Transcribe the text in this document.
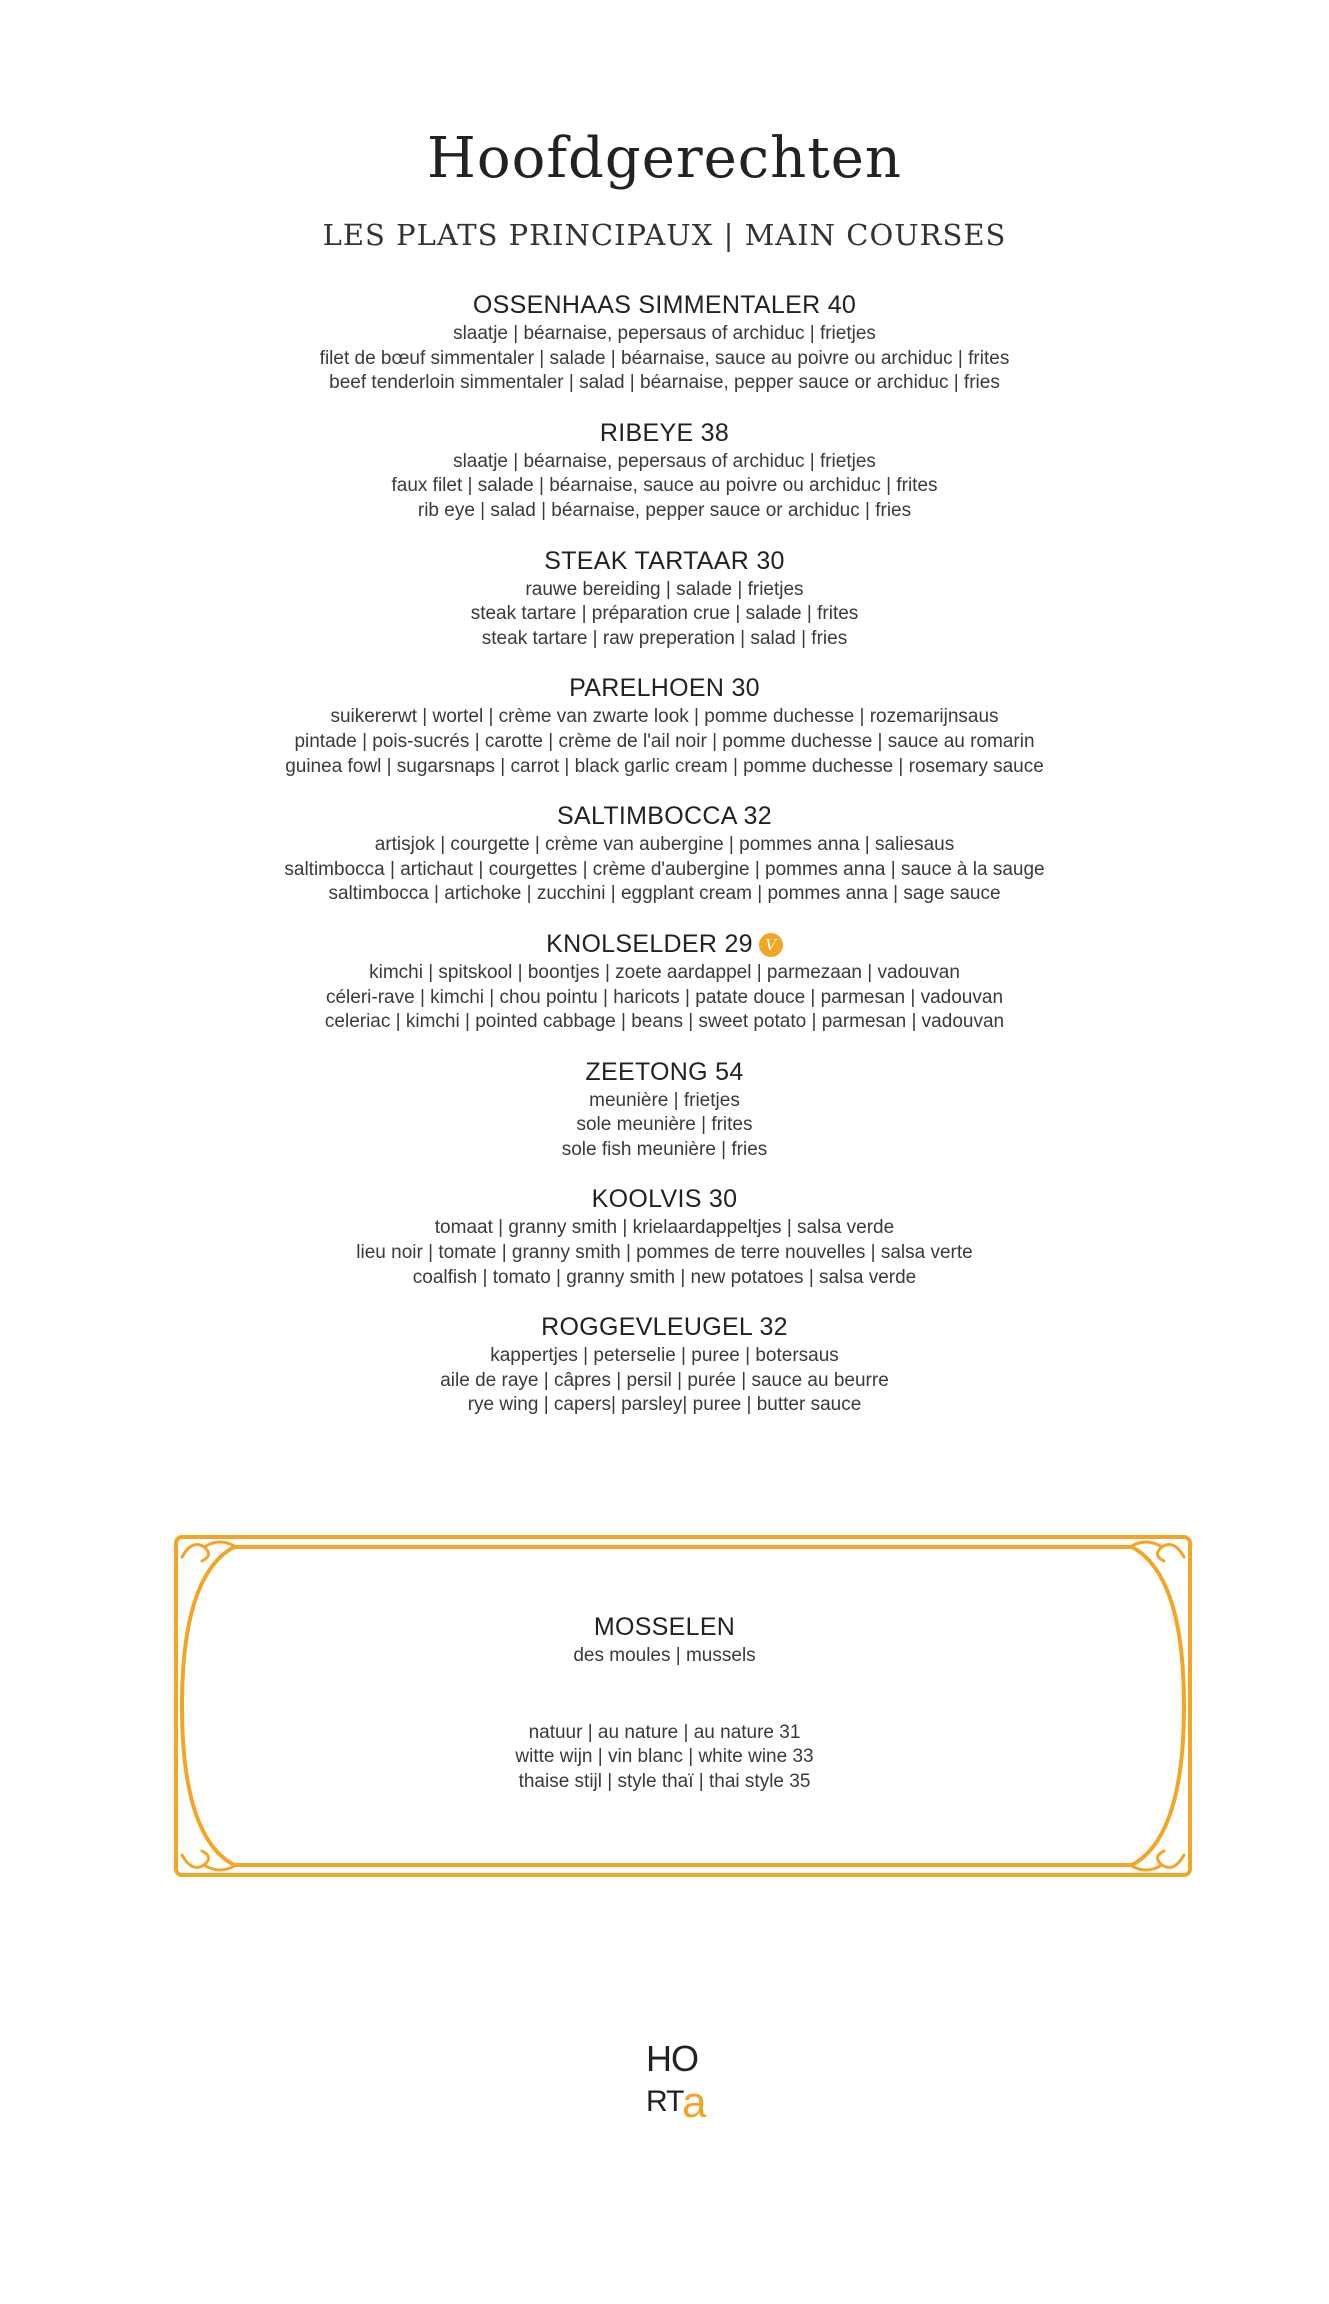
Hoofdgerechten

LES PLATS PRINCIPAUX | MAIN COURSES

OSSENHAAS SIMMENTALER 40

slaatje | béarnaise, pepersaus of archiduc | frietjes

filet de bœuf simmentaler | salade | béarnaise, sauce au poivre ou archiduc | frites

beef tenderloin simmentaler | salad | béarnaise, pepper sauce or archiduc | fries

RIBEYE 38

slaatje | béarnaise, pepersaus of archiduc | frietjes

faux filet | salade | béarnaise, sauce au poivre ou archiduc | frites

rib eye | salad | béarnaise, pepper sauce or archiduc | fries

STEAK TARTAAR 30

rauwe bereiding | salade | frietjes

steak tartare | préparation crue | salade | frites

steak tartare | raw preperation | salad | fries

PARELHOEN 30

suikererwt | wortel | crème van zwarte look | pomme duchesse | rozemarijnsaus

pintade | pois-sucrés | carotte | crème de l'ail noir | pomme duchesse | sauce au romarin

guinea fowl | sugarsnaps | carrot | black garlic cream | pomme duchesse | rosemary sauce

SALTIMBOCCA 32

artisjok | courgette | crème van aubergine | pommes anna | saliesaus

saltimbocca | artichaut | courgettes | crème d'aubergine | pommes anna | sauce à la sauge

saltimbocca | artichoke | zucchini | eggplant cream | pommes anna | sage sauce

KNOLSELDER 29 V

kimchi | spitskool | boontjes | zoete aardappel | parmezaan | vadouvan

céleri-rave | kimchi | chou pointu | haricots | patate douce | parmesan | vadouvan

celeriac | kimchi | pointed cabbage | beans | sweet potato | parmesan | vadouvan

ZEETONG 54

meunière | frietjes

sole meunière | frites

sole fish meunière | fries

KOOLVIS 30

tomaat | granny smith | krielaardappeltjes | salsa verde

lieu noir | tomate | granny smith | pommes de terre nouvelles | salsa verte

coalfish | tomato | granny smith | new potatoes | salsa verde

ROGGEVLEUGEL 32

kappertjes | peterselie | puree | botersaus

aile de raye | câpres | persil | purée | sauce au beurre

rye wing | capers| parsley| puree | butter sauce

MOSSELEN

des moules | mussels

natuur | au nature | au nature 31

witte wijn | vin blanc | white wine 33

thaise stijl | style thaï | thai style 35

HO
RT
a
